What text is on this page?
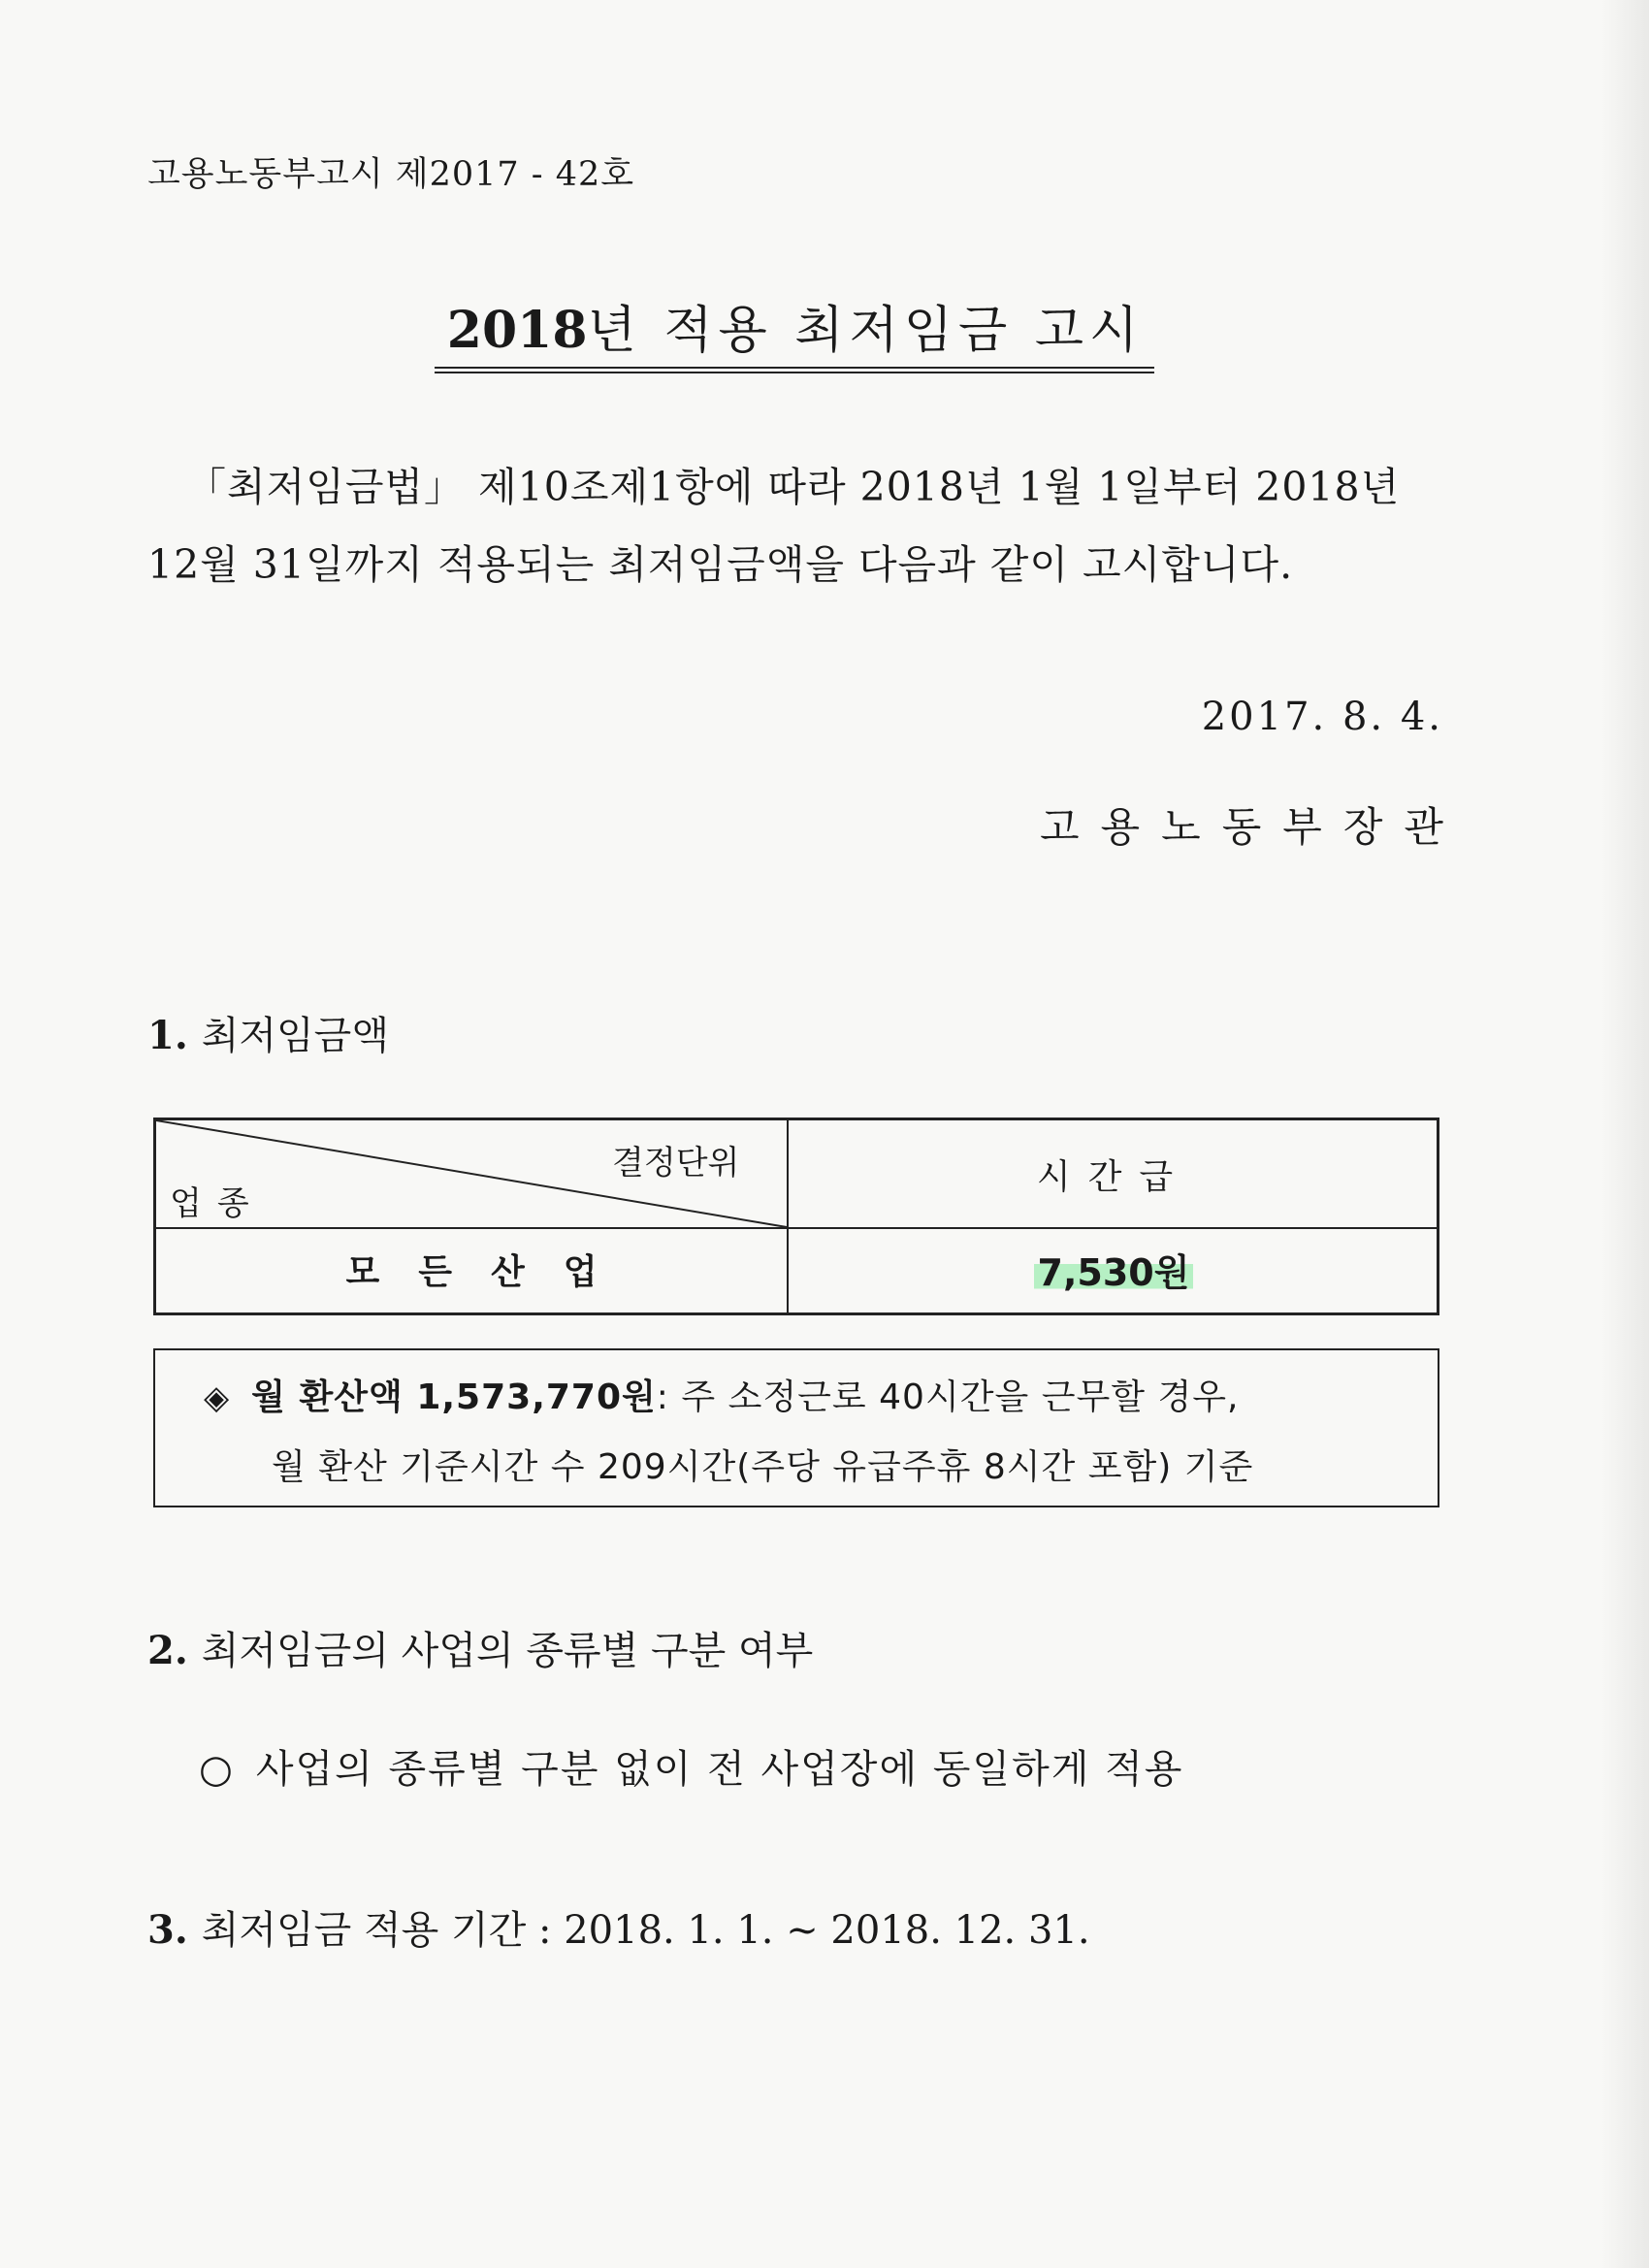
고용노동부고시 제2017 - 42호
2018년 적용 최저임금 고시
「최저임금법」 제10조제1항에 따라 2018년 1월 1일부터 2018년
12월 31일까지 적용되는 최저임금액을 다음과 같이 고시합니다.
2017. 8. 4.
고용노동부장관
1. 최저임금액
결정단위
업종
시간급
모든산업	7,530원
◈ 월 환산액 1,573,770원: 주 소정근로 40시간을 근무할 경우,
월 환산 기준시간 수 209시간(주당 유급주휴 8시간 포함) 기준
2. 최저임금의 사업의 종류별 구분 여부
○ 사업의 종류별 구분 없이 전 사업장에 동일하게 적용
3. 최저임금 적용 기간 : 2018. 1. 1. ~ 2018. 12. 31.
